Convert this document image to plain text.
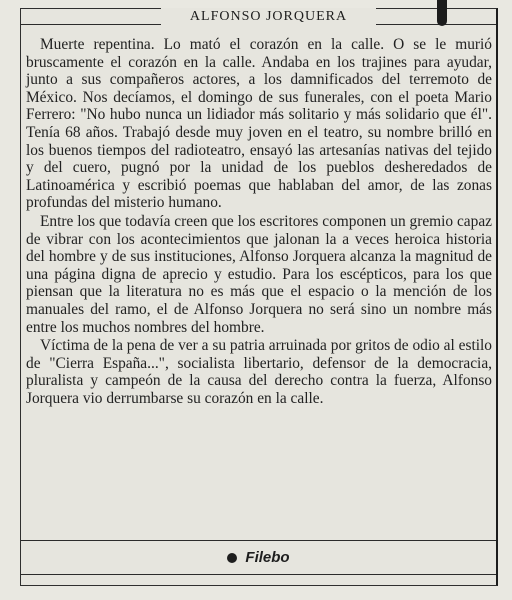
ALFONSO JORQUERA

Muerte repentina. Lo mató el corazón en la calle. O se le murió bruscamente el corazón en la calle. Andaba en los trajines para ayudar, junto a sus compañeros actores, a los damnificados del terremoto de México. Nos decíamos, el domingo de sus funerales, con el poeta Mario Ferrero: "No hubo nunca un lidiador más solitario y más solidario que él". Tenía 68 años. Trabajó desde muy joven en el teatro, su nombre brilló en los buenos tiempos del radioteatro, ensayó las artesanías nativas del tejido y del cuero, pugnó por la unidad de los pueblos desheredados de Latinoamérica y escribió poemas que hablaban del amor, de las zonas profundas del misterio humano.

Entre los que todavía creen que los escritores componen un gremio capaz de vibrar con los acontecimientos que jalonan la a veces heroica historia del hombre y de sus instituciones, Alfonso Jorquera alcanza la magnitud de una página digna de aprecio y estudio. Para los escépticos, para los que piensan que la literatura no es más que el espacio o la mención de los manuales del ramo, el de Alfonso Jorquera no será sino un nombre más entre los muchos nombres del hombre.

Víctima de la pena de ver a su patria arruinada por gritos de odio al estilo de "Cierra España...", socialista libertario, defensor de la democracia, pluralista y campeón de la causa del derecho contra la fuerza, Alfonso Jorquera vio derrumbarse su corazón en la calle.

Filebo
